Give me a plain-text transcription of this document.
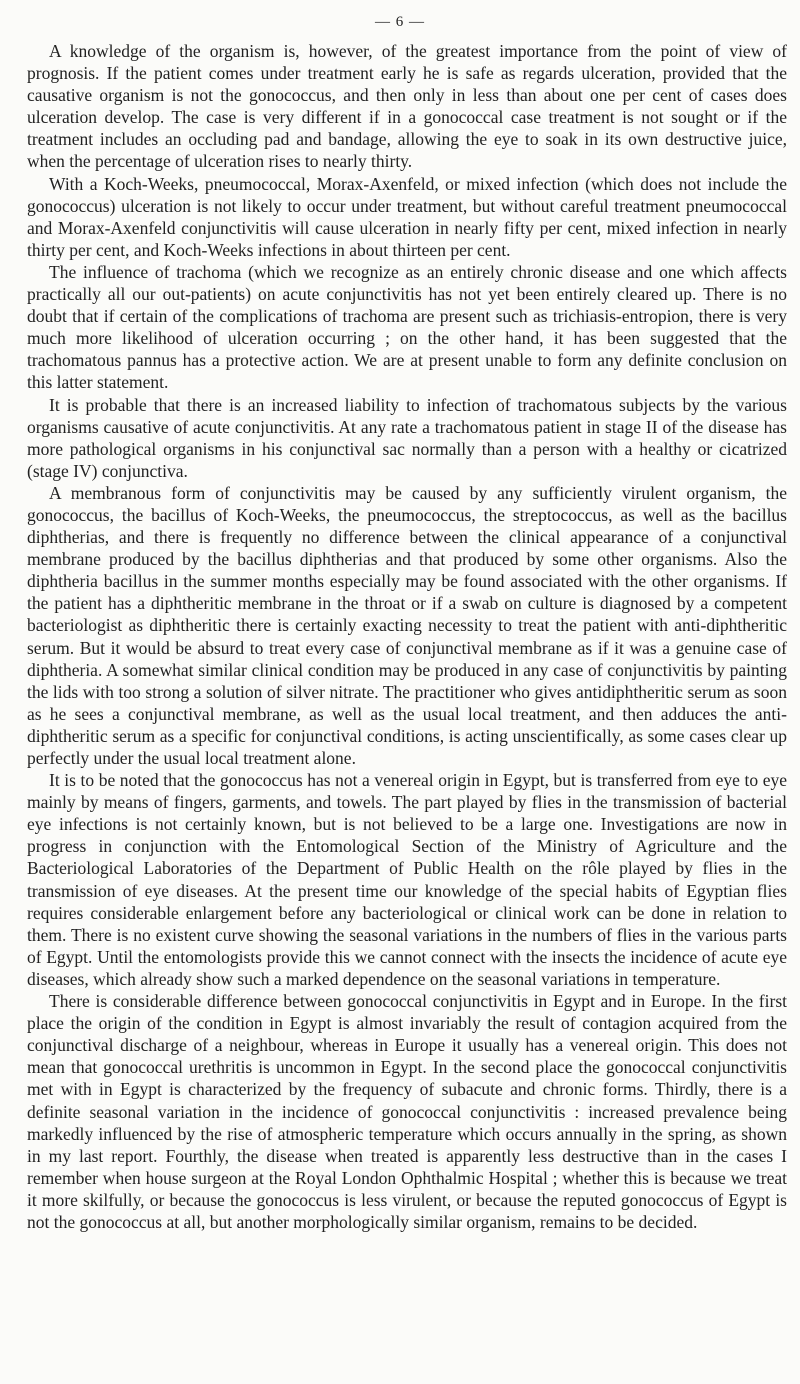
— 6 —

A knowledge of the organism is, however, of the greatest importance from the point of view of prognosis. If the patient comes under treatment early he is safe as regards ulceration, provided that the causative organism is not the gonococcus, and then only in less than about one per cent of cases does ulceration develop. The case is very different if in a gonococcal case treatment is not sought or if the treatment includes an occluding pad and bandage, allowing the eye to soak in its own destructive juice, when the percentage of ulceration rises to nearly thirty.

With a Koch-Weeks, pneumococcal, Morax-Axenfeld, or mixed infection (which does not include the gonococcus) ulceration is not likely to occur under treatment, but without careful treatment pneumococcal and Morax-Axenfeld conjunctivitis will cause ulceration in nearly fifty per cent, mixed infection in nearly thirty per cent, and Koch-Weeks infections in about thirteen per cent.

The influence of trachoma (which we recognize as an entirely chronic disease and one which affects practically all our out-patients) on acute conjunctivitis has not yet been entirely cleared up. There is no doubt that if certain of the complications of trachoma are present such as trichiasis-entropion, there is very much more likelihood of ulceration occurring ; on the other hand, it has been suggested that the trachomatous pannus has a protective action. We are at present unable to form any definite conclusion on this latter statement.

It is probable that there is an increased liability to infection of trachomatous subjects by the various organisms causative of acute conjunctivitis. At any rate a trachomatous patient in stage II of the disease has more pathological organisms in his conjunctival sac normally than a person with a healthy or cicatrized (stage IV) conjunctiva.

A membranous form of conjunctivitis may be caused by any sufficiently virulent organism, the gonococcus, the bacillus of Koch-Weeks, the pneumococcus, the streptococcus, as well as the bacillus diphtherias, and there is frequently no difference between the clinical appearance of a conjunctival membrane produced by the bacillus diphtherias and that produced by some other organisms. Also the diphtheria bacillus in the summer months especially may be found associated with the other organisms. If the patient has a diphtheritic membrane in the throat or if a swab on culture is diagnosed by a competent bacteriologist as diphtheritic there is certainly exacting necessity to treat the patient with anti-diphtheritic serum. But it would be absurd to treat every case of conjunctival membrane as if it was a genuine case of diphtheria. A somewhat similar clinical condition may be produced in any case of conjunctivitis by painting the lids with too strong a solution of silver nitrate. The practitioner who gives antidiphtheritic serum as soon as he sees a conjunctival membrane, as well as the usual local treatment, and then adduces the anti-diphtheritic serum as a specific for conjunctival conditions, is acting unscientifically, as some cases clear up perfectly under the usual local treatment alone.

It is to be noted that the gonococcus has not a venereal origin in Egypt, but is transferred from eye to eye mainly by means of fingers, garments, and towels. The part played by flies in the transmission of bacterial eye infections is not certainly known, but is not believed to be a large one. Investigations are now in progress in conjunction with the Entomological Section of the Ministry of Agriculture and the Bacteriological Laboratories of the Department of Public Health on the rôle played by flies in the transmission of eye diseases. At the present time our knowledge of the special habits of Egyptian flies requires considerable enlargement before any bacteriological or clinical work can be done in relation to them. There is no existent curve showing the seasonal variations in the numbers of flies in the various parts of Egypt. Until the entomologists provide this we cannot connect with the insects the incidence of acute eye diseases, which already show such a marked dependence on the seasonal variations in temperature.

There is considerable difference between gonococcal conjunctivitis in Egypt and in Europe. In the first place the origin of the condition in Egypt is almost invariably the result of contagion acquired from the conjunctival discharge of a neighbour, whereas in Europe it usually has a venereal origin. This does not mean that gonococcal urethritis is uncommon in Egypt. In the second place the gonococcal conjunctivitis met with in Egypt is characterized by the frequency of subacute and chronic forms. Thirdly, there is a definite seasonal variation in the incidence of gonococcal conjunctivitis : increased prevalence being markedly influenced by the rise of atmospheric temperature which occurs annually in the spring, as shown in my last report. Fourthly, the disease when treated is apparently less destructive than in the cases I remember when house surgeon at the Royal London Ophthalmic Hospital ; whether this is because we treat it more skilfully, or because the gonococcus is less virulent, or because the reputed gonococcus of Egypt is not the gonococcus at all, but another morphologically similar organism, remains to be decided.
